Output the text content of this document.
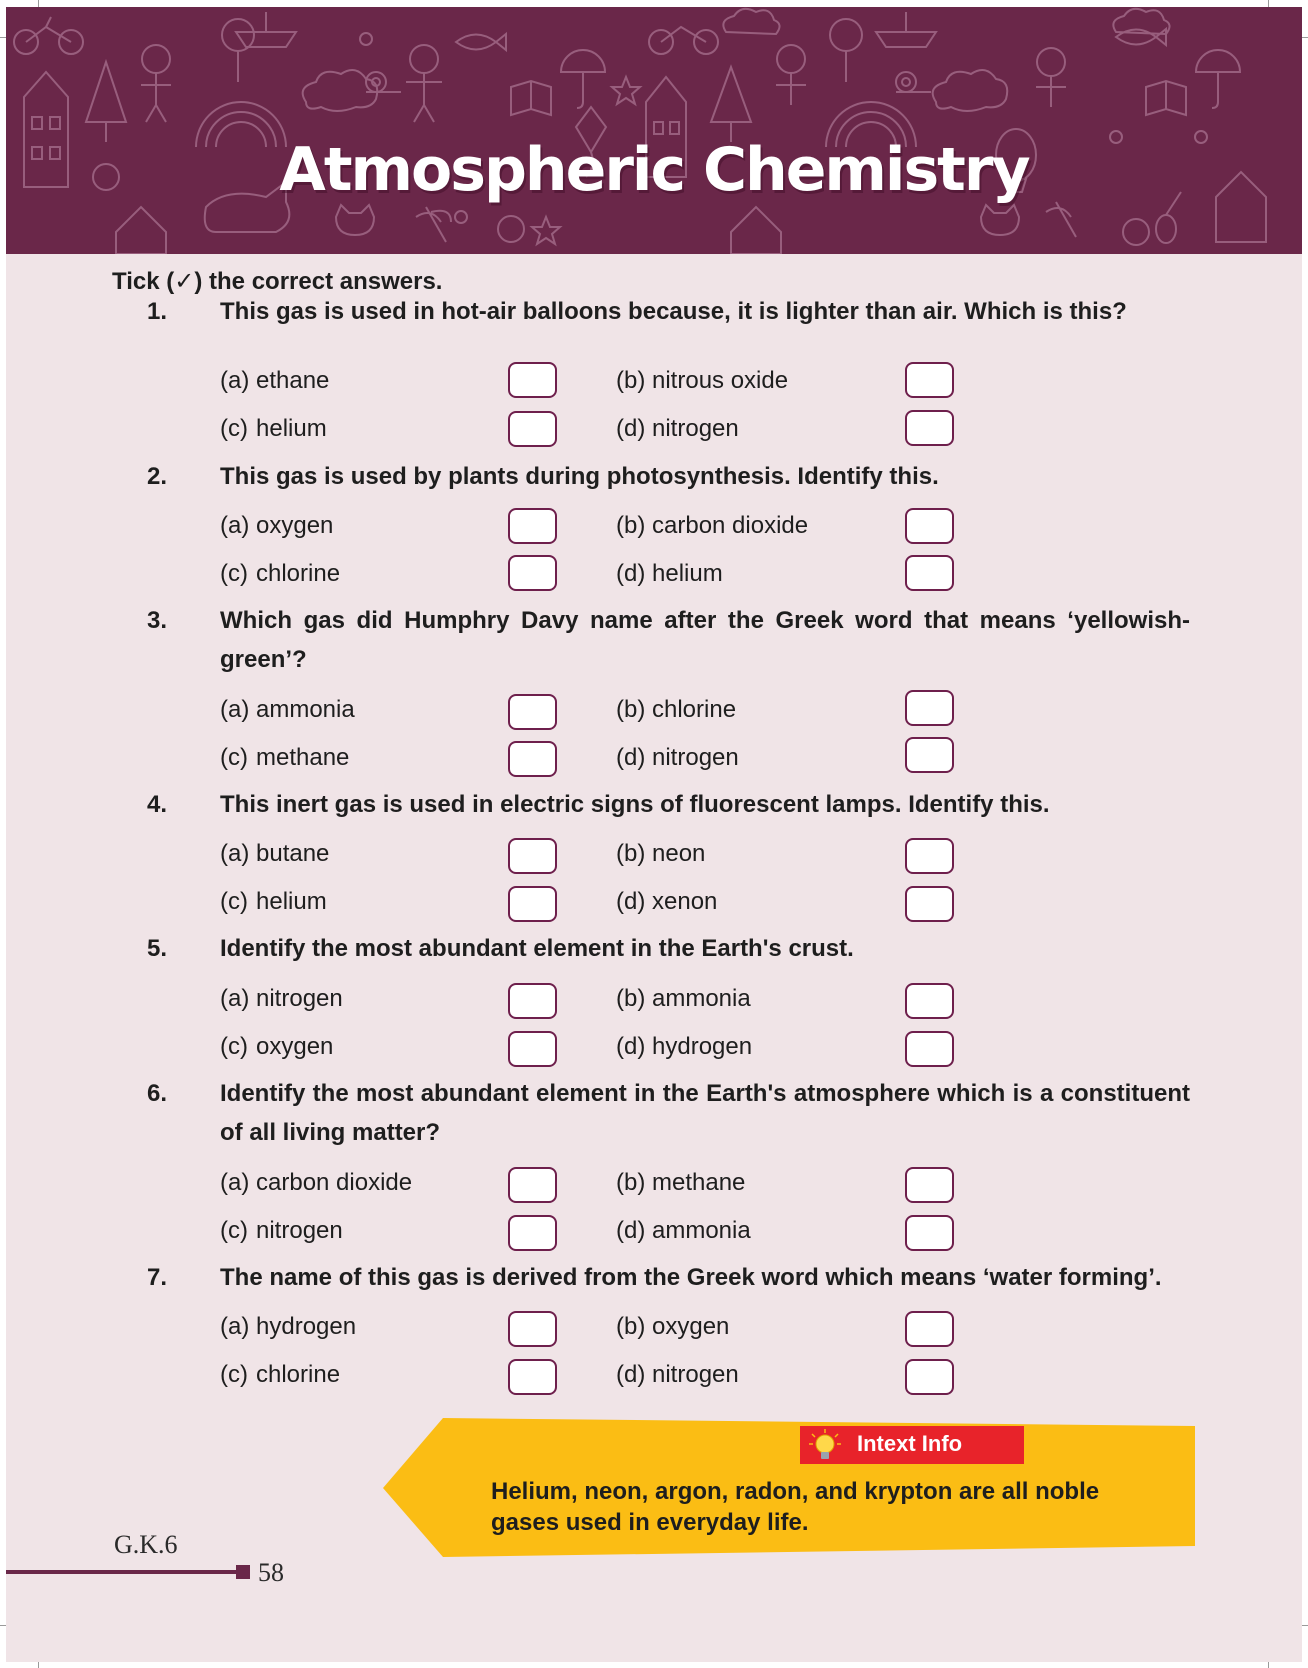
Atmospheric Chemistry
Tick (✓) the correct answers.
1.	This gas is used in hot-air balloons because, it is lighter than air. Which is this?
(a) ethane	(b) nitrous oxide
(c) helium	(d) nitrogen
2.	This gas is used by plants during photosynthesis. Identify this.
(a) oxygen	(b) carbon dioxide
(c) chlorine	(d) helium
3.	Which gas did Humphry Davy name after the Greek word that means ‘yellowish-green’?
(a) ammonia	(b) chlorine
(c) methane	(d) nitrogen
4.	This inert gas is used in electric signs of fluorescent lamps. Identify this.
(a) butane	(b) neon
(c) helium	(d) xenon
5.	Identify the most abundant element in the Earth's crust.
(a) nitrogen	(b) ammonia
(c) oxygen	(d) hydrogen
6.	Identify the most abundant element in the Earth's atmosphere which is a constituent of all living matter?
(a) carbon dioxide	(b) methane
(c) nitrogen	(d) ammonia
7.	The name of this gas is derived from the Greek word which means ‘water forming’.
(a) hydrogen	(b) oxygen
(c) chlorine	(d) nitrogen
Intext Info
Helium, neon, argon, radon, and krypton are all noble gases used in everyday life.
G.K.6
58
